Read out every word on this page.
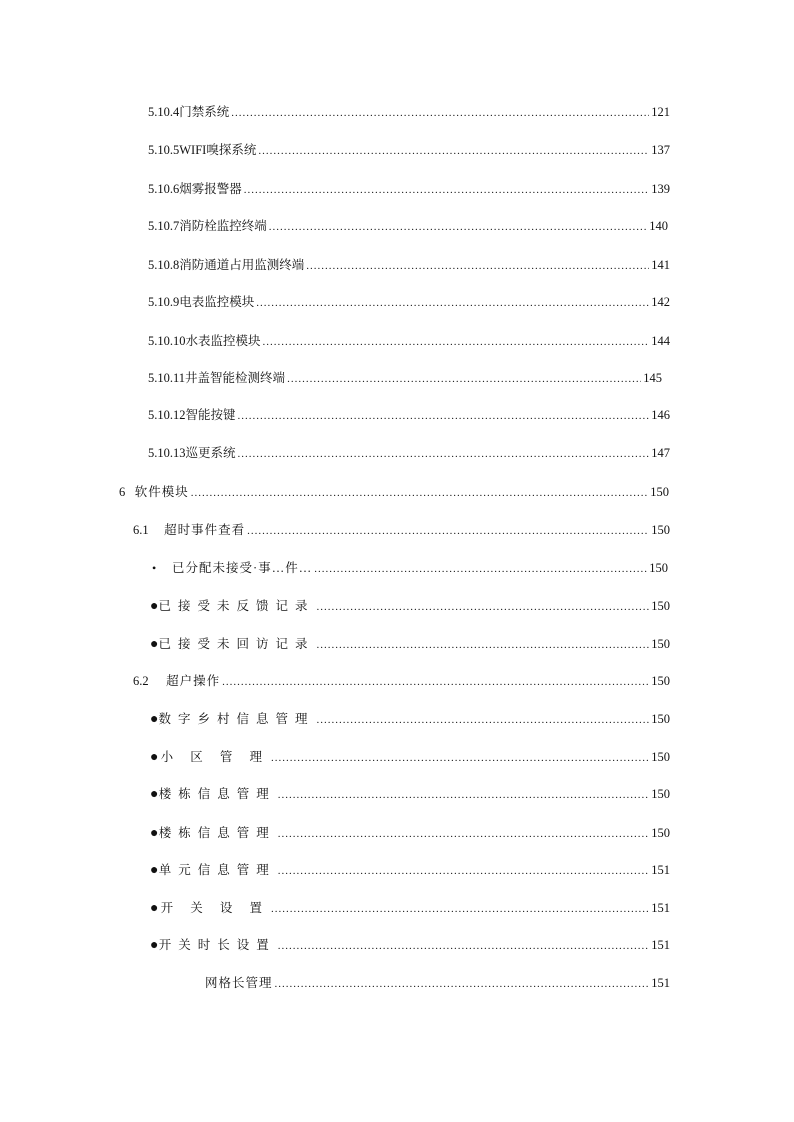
5.10.4 门禁系统 .....	121
5.10.5 WIFI嗅探系统 .....	137
5.10.6 烟雾报警器 .....	139
5.10.7 消防栓监控终端 .....	140
5.10.8 消防通道占用监测终端 .....	141
5.10.9 电表监控模块 .....	142
5.10.10 水表监控模块 .....	144
5.10.11 井盖智能检测终端 .....	145
5.10.12 智能按键 .....	146
5.10.13 巡更系统 .....	147
6 软件模块 .....	150
6.1	超时事件查看 .....	150
•	已分配未接受·事…件… .....	150
● 已接受未反馈记录 .....	150
● 已接受未回访记录 .....	150
6.2	超户操作 .....	150
● 数字乡村信息管理 .....	150
● 小 区 管 理 .....	150
● 楼栋信息管理 .....	150
● 楼栋信息管理 .....	150
● 单元信息管理 .....	151
● 开 关 设 置 .....	151
● 开关时长设置 .....	151
网格长管理 .....	151
